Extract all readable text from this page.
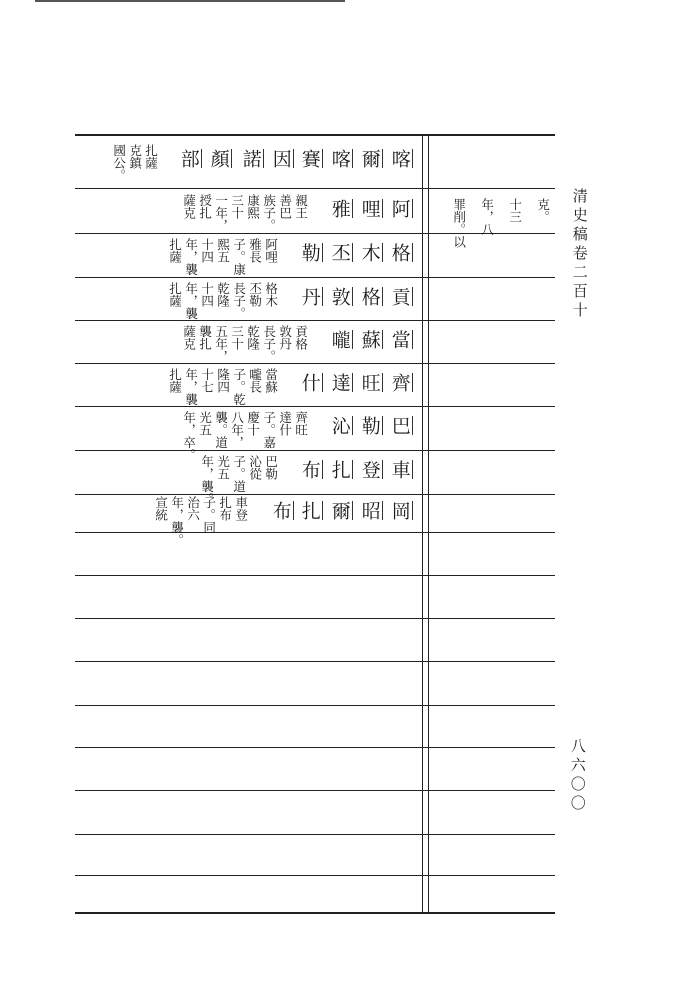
喀
爾
喀
賽
因
諾
顏
部
扎薩
克鎮
國公。
阿
哩
雅
親王
善巴
族子。
康熙
三十
一年，
授扎
薩克
格
木
丕
勒
阿哩
雅長
子。康
熙五
十四
年，襲
扎薩
貢
格
敦
丹
格木
丕勒
長子。
乾隆
十四
年，襲
扎薩
當
蘇
嚨
貢格
敦丹
長子。
乾隆
三十
五年，
襲扎
薩克
齊
旺
達
什
當蘇
嚨長
子。乾
隆四
十七
年，襲
扎薩
巴
勒
沁
齊旺
達什
子。嘉
慶十
八年，
襲。道
光五
年，卒。
車
登
扎
布
巴勒
沁從
子。道
光五
年，襲。
岡
昭
爾
扎
布
車登
扎布
子。同
治六
年，襲。
宣統
克。
十三
年，八
罪削。以	清史稿卷二百十
八六〇〇
